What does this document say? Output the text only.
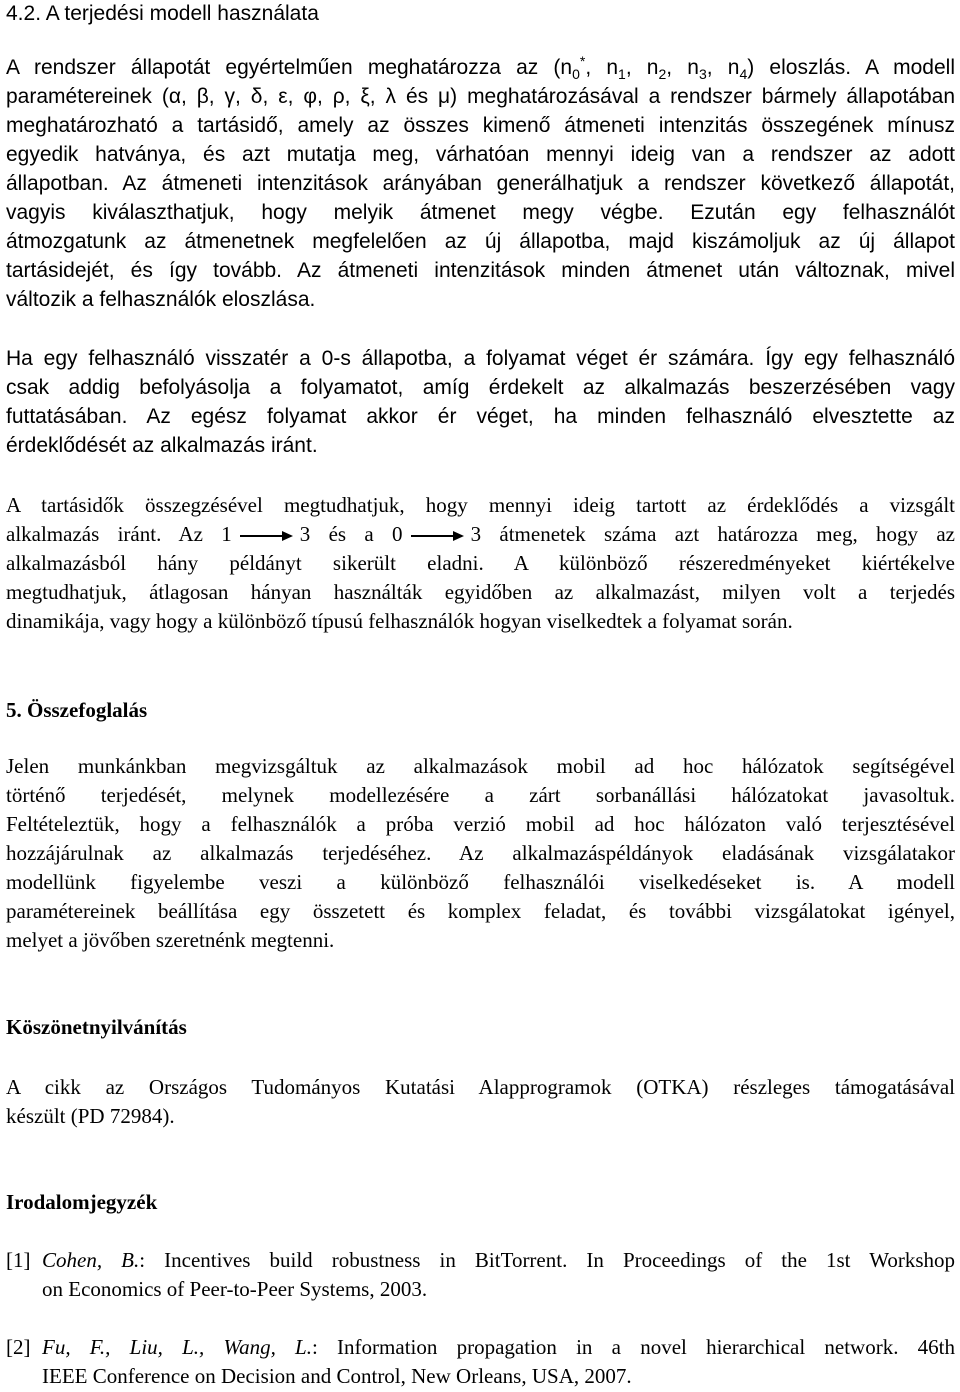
4.2. A terjedési modell használata
A rendszer állapotát egyértelműen meghatározza az ($n_0^*$, $n_1$, $n_2$, $n_3$, $n_4$) eloszlás. A modell
paramétereinek (α, β, γ, δ, ε, φ, ρ, ξ, λ és μ) meghatározásával a rendszer bármely állapotában
meghatározható a tartásidő, amely az összes kimenő átmeneti intenzitás összegének mínusz
egyedik hatványa, és azt mutatja meg, várhatóan mennyi ideig van a rendszer az adott
állapotban. Az átmeneti intenzitások arányában generálhatjuk a rendszer következő állapotát,
vagyis kiválaszthatjuk, hogy melyik átmenet megy végbe. Ezután egy felhasználót
átmozgatunk az átmenetnek megfelelően az új állapotba, majd kiszámoljuk az új állapot
tartásidejét, és így tovább. Az átmeneti intenzitások minden átmenet után változnak, mivel
változik a felhasználók eloszlása.
Ha egy felhasználó visszatér a 0-s állapotba, a folyamat véget ér számára. Így egy felhasználó
csak addig befolyásolja a folyamatot, amíg érdekelt az alkalmazás beszerzésében vagy
futtatásában. Az egész folyamat akkor ér véget, ha minden felhasználó elvesztette az
érdeklődését az alkalmazás iránt.
A tartásidők összegzésével megtudhatjuk, hogy mennyi ideig tartott az érdeklődés a vizsgált
alkalmazás iránt. Az 1	3 és a 0	3 átmenetek száma azt határozza meg, hogy az
alkalmazásból hány példányt sikerült eladni. A különböző részeredményeket kiértékelve
megtudhatjuk, átlagosan hányan használták egyidőben az alkalmazást, milyen volt a terjedés
dinamikája, vagy hogy a különböző típusú felhasználók hogyan viselkedtek a folyamat során.
5. Összefoglalás
Jelen munkánkban megvizsgáltuk az alkalmazások mobil ad hoc hálózatok segítségével
történő terjedését, melynek modellezésére a zárt sorbanállási hálózatokat javasoltuk.
Feltételeztük, hogy a felhasználók a próba verzió mobil ad hoc hálózaton való terjesztésével
hozzájárulnak az alkalmazás terjedéséhez. Az alkalmazáspéldányok eladásának vizsgálatakor
modellünk figyelembe veszi a különböző felhasználói viselkedéseket is. A modell
paramétereinek beállítása egy összetett és komplex feladat, és további vizsgálatokat igényel,
melyet a jövőben szeretnénk megtenni.
Köszönetnyilvánítás
A cikk az Országos Tudományos Kutatási Alapprogramok (OTKA) részleges támogatásával
készült (PD 72984).
Irodalomjegyzék
[1] Cohen, B.: Incentives build robustness in BitTorrent. In Proceedings of the 1st Workshop
on Economics of Peer-to-Peer Systems, 2003.
[2] Fu, F., Liu, L., Wang, L.: Information propagation in a novel hierarchical network. 46th
IEEE Conference on Decision and Control, New Orleans, USA, 2007.
